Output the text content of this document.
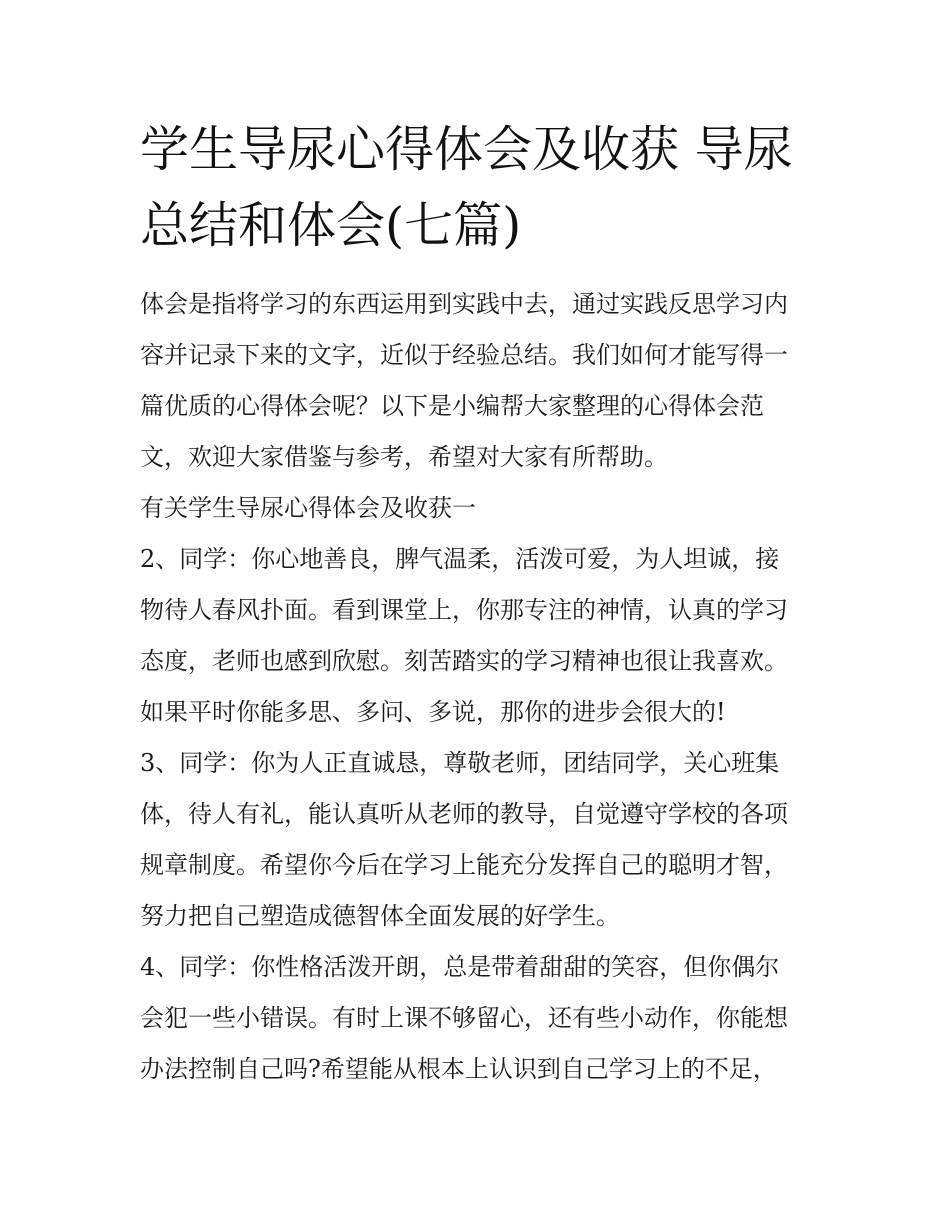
学生导尿心得体会及收获 导尿
总结和体会(七篇)
体会是指将学习的东西运用到实践中去，通过实践反思学习内
容并记录下来的文字，近似于经验总结。我们如何才能写得一
篇优质的心得体会呢？以下是小编帮大家整理的心得体会范
文，欢迎大家借鉴与参考，希望对大家有所帮助。
有关学生导尿心得体会及收获一
2、同学：你心地善良，脾气温柔，活泼可爱，为人坦诚，接
物待人春风扑面。看到课堂上，你那专注的神情，认真的学习
态度，老师也感到欣慰。刻苦踏实的学习精神也很让我喜欢。
如果平时你能多思、多问、多说，那你的进步会很大的!
3、同学：你为人正直诚恳，尊敬老师，团结同学，关心班集
体，待人有礼，能认真听从老师的教导，自觉遵守学校的各项
规章制度。希望你今后在学习上能充分发挥自己的聪明才智，
努力把自己塑造成德智体全面发展的好学生。
4、同学：你性格活泼开朗，总是带着甜甜的笑容，但你偶尔
会犯一些小错误。有时上课不够留心，还有些小动作，你能想
办法控制自己吗?希望能从根本上认识到自己学习上的不足，
